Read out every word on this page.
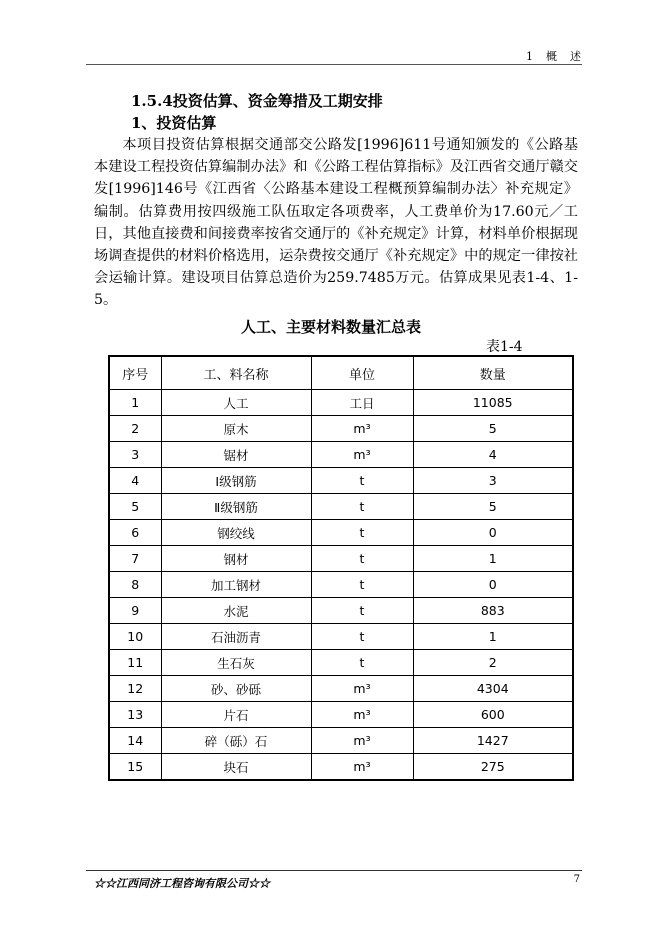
1　概　述
1.5.4投资估算、资金筹措及工期安排
1、投资估算

本项目投资估算根据交通部交公路发[1996]611号通知颁发的《公路基本建设工程投资估算编制办法》和《公路工程估算指标》及江西省交通厅赣交发[1996]146号《江西省〈公路基本建设工程概预算编制办法〉补充规定》编制。估算费用按四级施工队伍取定各项费率，人工费单价为17.60元／工日，其他直接费和间接费率按省交通厅的《补充规定》计算，材料单价根据现场调查提供的材料价格选用，运杂费按交通厅《补充规定》中的规定一律按社会运输计算。建设项目估算总造价为259.7485万元。估算成果见表1-4、1-5。

人工、主要材料数量汇总表
表1-4
序号	工、料名称	单位	数量
1	人工	工日	11085
2	原木	m³	5
3	锯材	m³	4
4	Ⅰ级钢筋	t	3
5	Ⅱ级钢筋	t	5
6	钢绞线	t	0
7	钢材	t	1
8	加工钢材	t	0
9	水泥	t	883
10	石油沥青	t	1
11	生石灰	t	2
12	砂、砂砾	m³	4304
13	片石	m³	600
14	碎（砾）石	m³	1427
15	块石	m³	275
☆☆江西同济工程咨询有限公司☆☆	7
